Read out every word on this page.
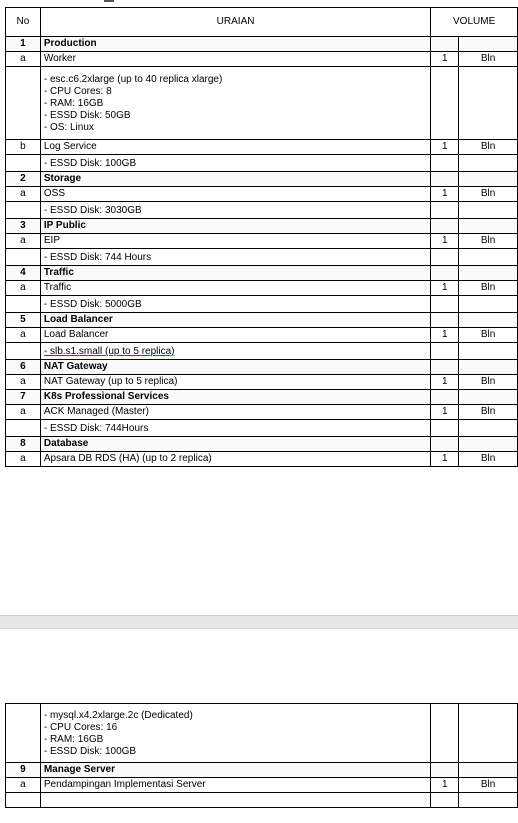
No	URAIAN	VOLUME	
1	Production		
a	Worker	1	Bln

	- esc.c6.2xlarge (up to 40 replica xlarge)
- CPU Cores: 8
- RAM: 16GB
- ESSD Disk: 50GB
- OS: Linux		

b	Log Service	1	Bln

	- ESSD Disk: 100GB		

2	Storage		
a	OSS	1	Bln

	- ESSD Disk: 3030GB		

3	IP Public		
a	EIP	1	Bln

	- ESSD Disk: 744 Hours		

4	Traffic		
a	Traffic	1	Bln

	- ESSD Disk: 5000GB		

5	Load Balancer		
a	Load Balancer	1	Bln

	- slb.s1.small (up to 5 replica)		

6	NAT Gateway		
a	NAT Gateway (up to 5 replica)	1	Bln
7	K8s Professional Services		
a	ACK Managed (Master)	1	Bln

	- ESSD Disk: 744Hours		

8	Database		
a	Apsara DB RDS (HA) (up to 2 replica)	1	Bln

	- mysql.x4.2xlarge.2c (Dedicated)
- CPU Cores: 16
- RAM: 16GB
- ESSD Disk: 100GB		

9	Manage Server		
a	Pendampingan Implementasi Server	1	Bln
